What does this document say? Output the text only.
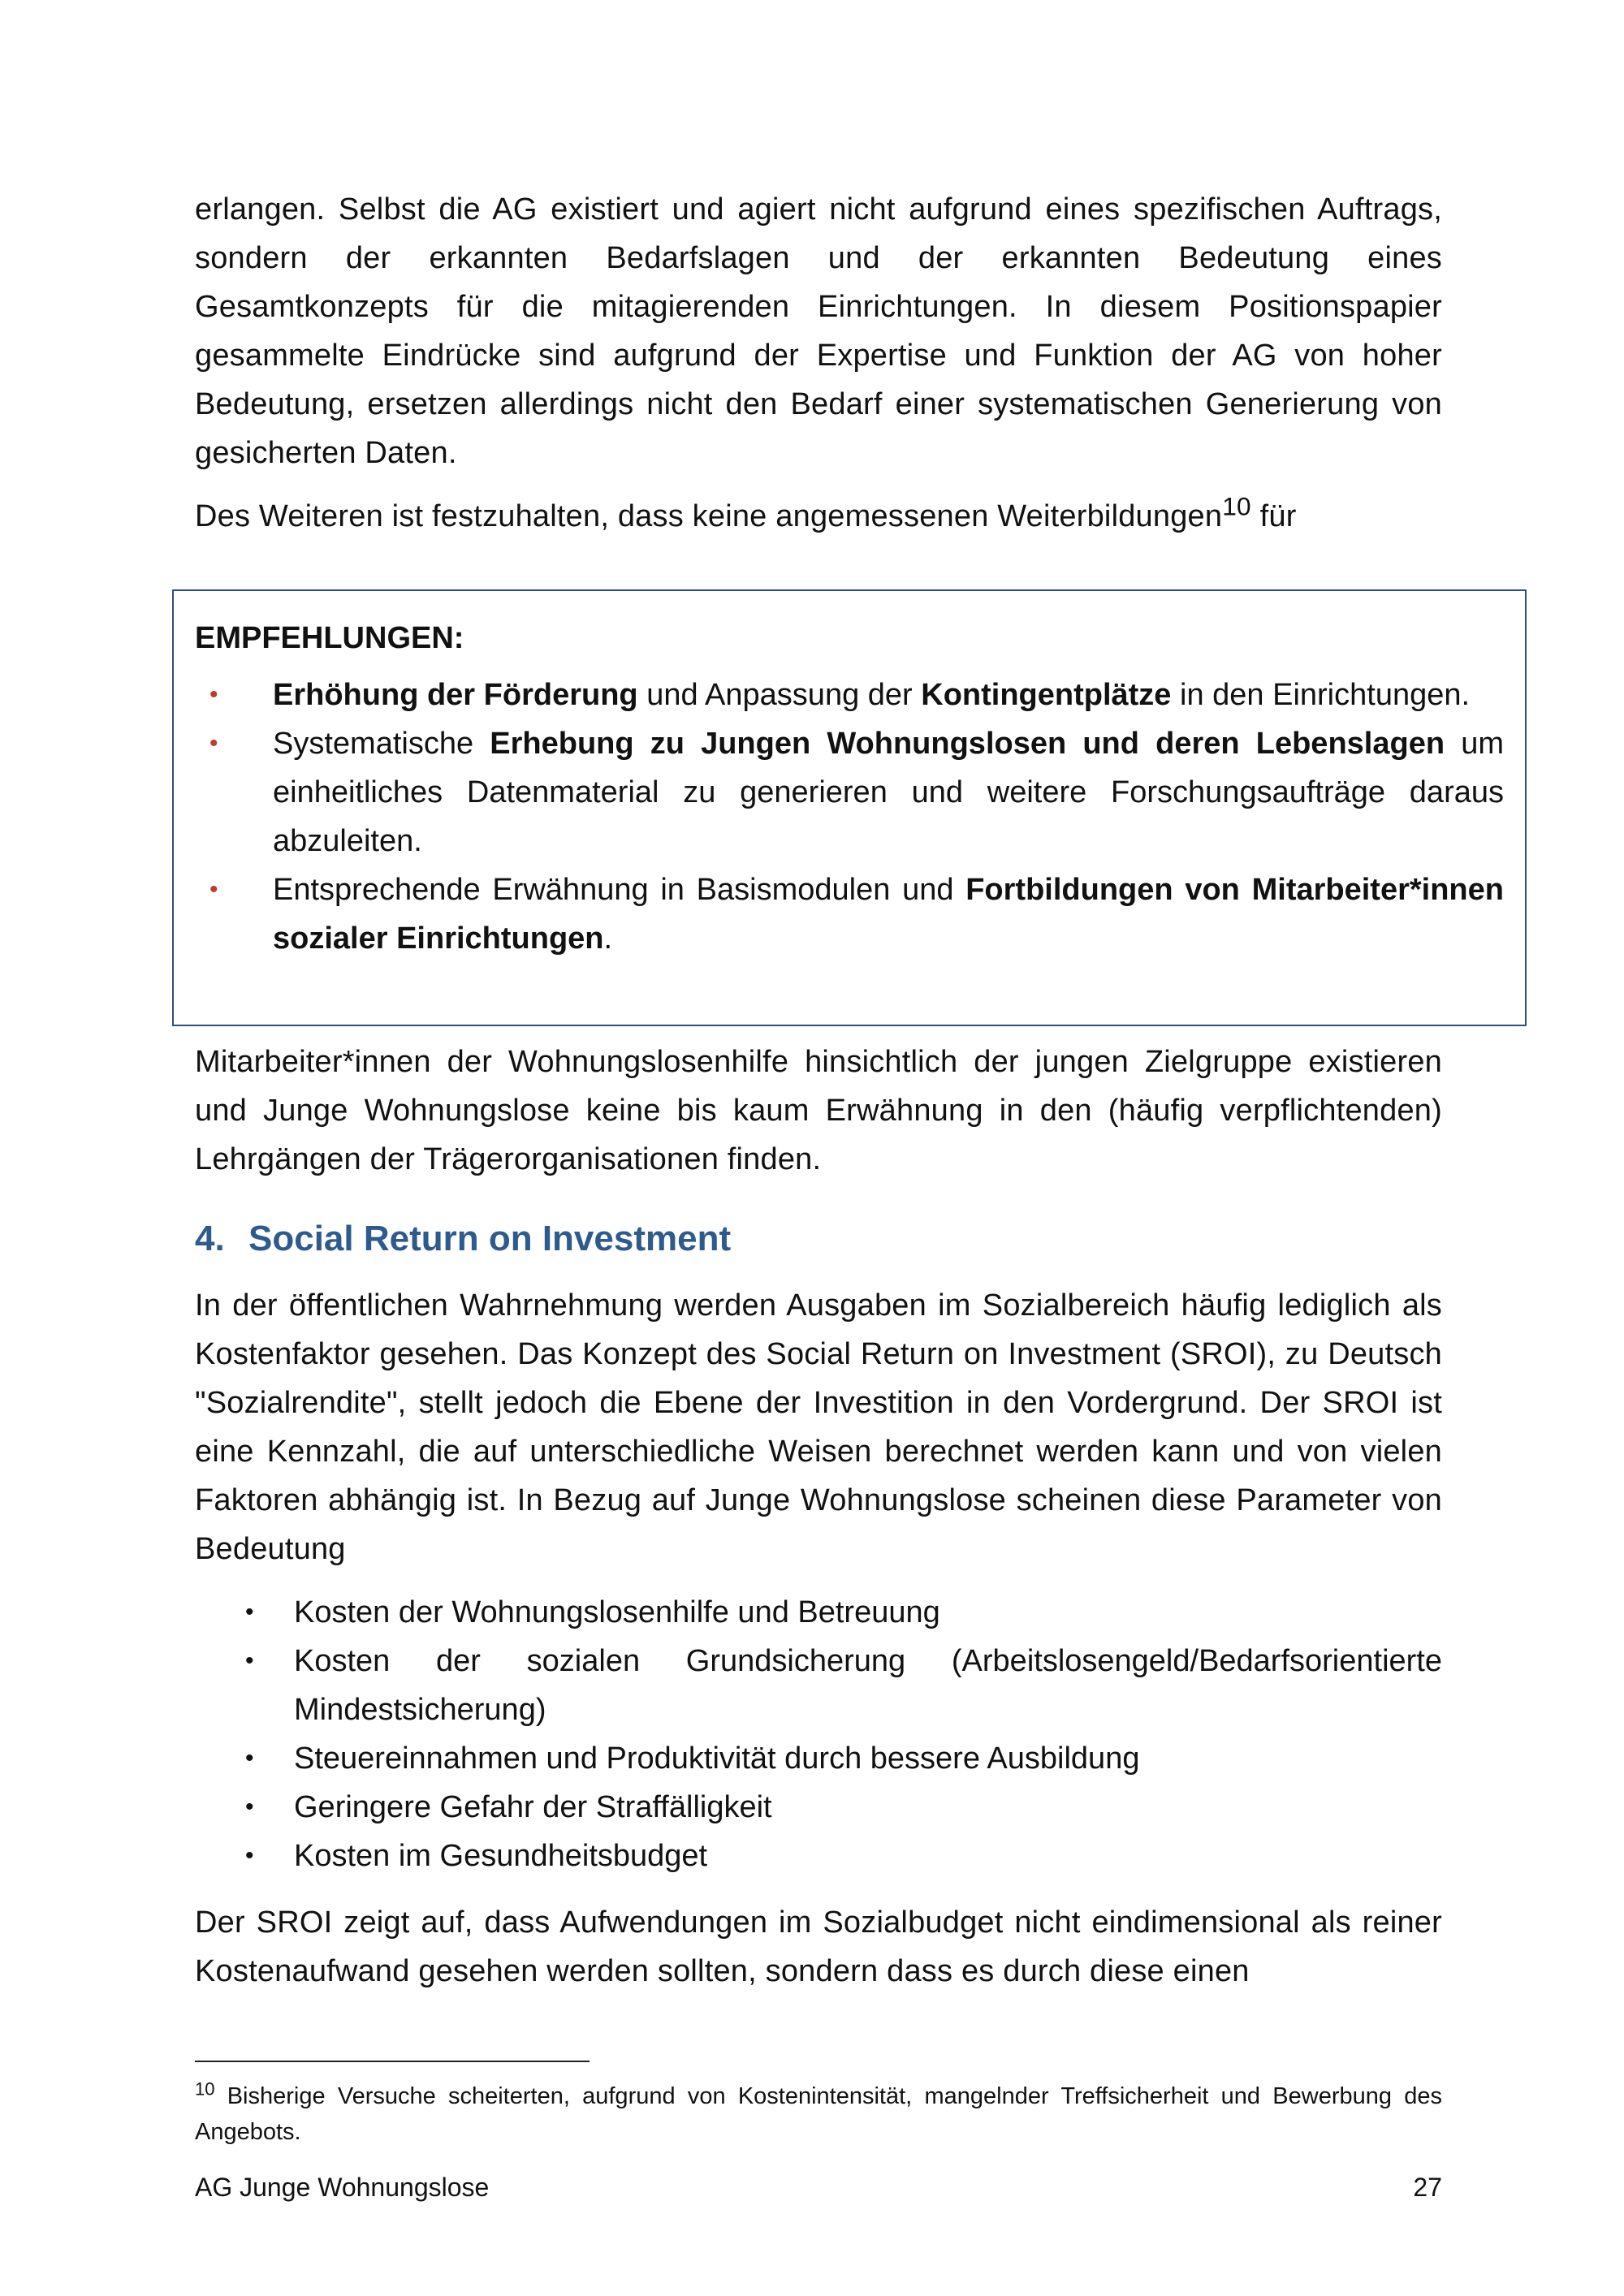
erlangen. Selbst die AG existiert und agiert nicht aufgrund eines spezifischen Auftrags, sondern der erkannten Bedarfslagen und der erkannten Bedeutung eines Gesamtkonzepts für die mitagierenden Einrichtungen. In diesem Positionspapier gesammelte Eindrücke sind aufgrund der Expertise und Funktion der AG von hoher Bedeutung, ersetzen allerdings nicht den Bedarf einer systematischen Generierung von gesicherten Daten.

Des Weiteren ist festzuhalten, dass keine angemessenen Weiterbildungen$^{10}$ für

EMPFEHLUNGEN:
• Erhöhung der Förderung und Anpassung der Kontingentplätze in den Einrichtungen.
• Systematische Erhebung zu Jungen Wohnungslosen und deren Lebenslagen um einheitliches Datenmaterial zu generieren und weitere Forschungsaufträge daraus abzuleiten.
• Entsprechende Erwähnung in Basismodulen und Fortbildungen von Mitarbeiter*innen sozialer Einrichtungen.

Mitarbeiter*innen der Wohnungslosenhilfe hinsichtlich der jungen Zielgruppe existieren und Junge Wohnungslose keine bis kaum Erwähnung in den (häufig verpflichtenden) Lehrgängen der Trägerorganisationen finden.

4. Social Return on Investment

In der öffentlichen Wahrnehmung werden Ausgaben im Sozialbereich häufig lediglich als Kostenfaktor gesehen. Das Konzept des Social Return on Investment (SROI), zu Deutsch "Sozialrendite", stellt jedoch die Ebene der Investition in den Vordergrund. Der SROI ist eine Kennzahl, die auf unterschiedliche Weisen berechnet werden kann und von vielen Faktoren abhängig ist. In Bezug auf Junge Wohnungslose scheinen diese Parameter von Bedeutung

• Kosten der Wohnungslosenhilfe und Betreuung
• Kosten der sozialen Grundsicherung (Arbeitslosengeld/Bedarfsorientierte Mindestsicherung)
• Steuereinnahmen und Produktivität durch bessere Ausbildung
• Geringere Gefahr der Straffälligkeit
• Kosten im Gesundheitsbudget

Der SROI zeigt auf, dass Aufwendungen im Sozialbudget nicht eindimensional als reiner Kostenaufwand gesehen werden sollten, sondern dass es durch diese einen

$^{10}$ Bisherige Versuche scheiterten, aufgrund von Kostenintensität, mangelnder Treffsicherheit und Bewerbung des Angebots.
AG Junge Wohnungslose	27
